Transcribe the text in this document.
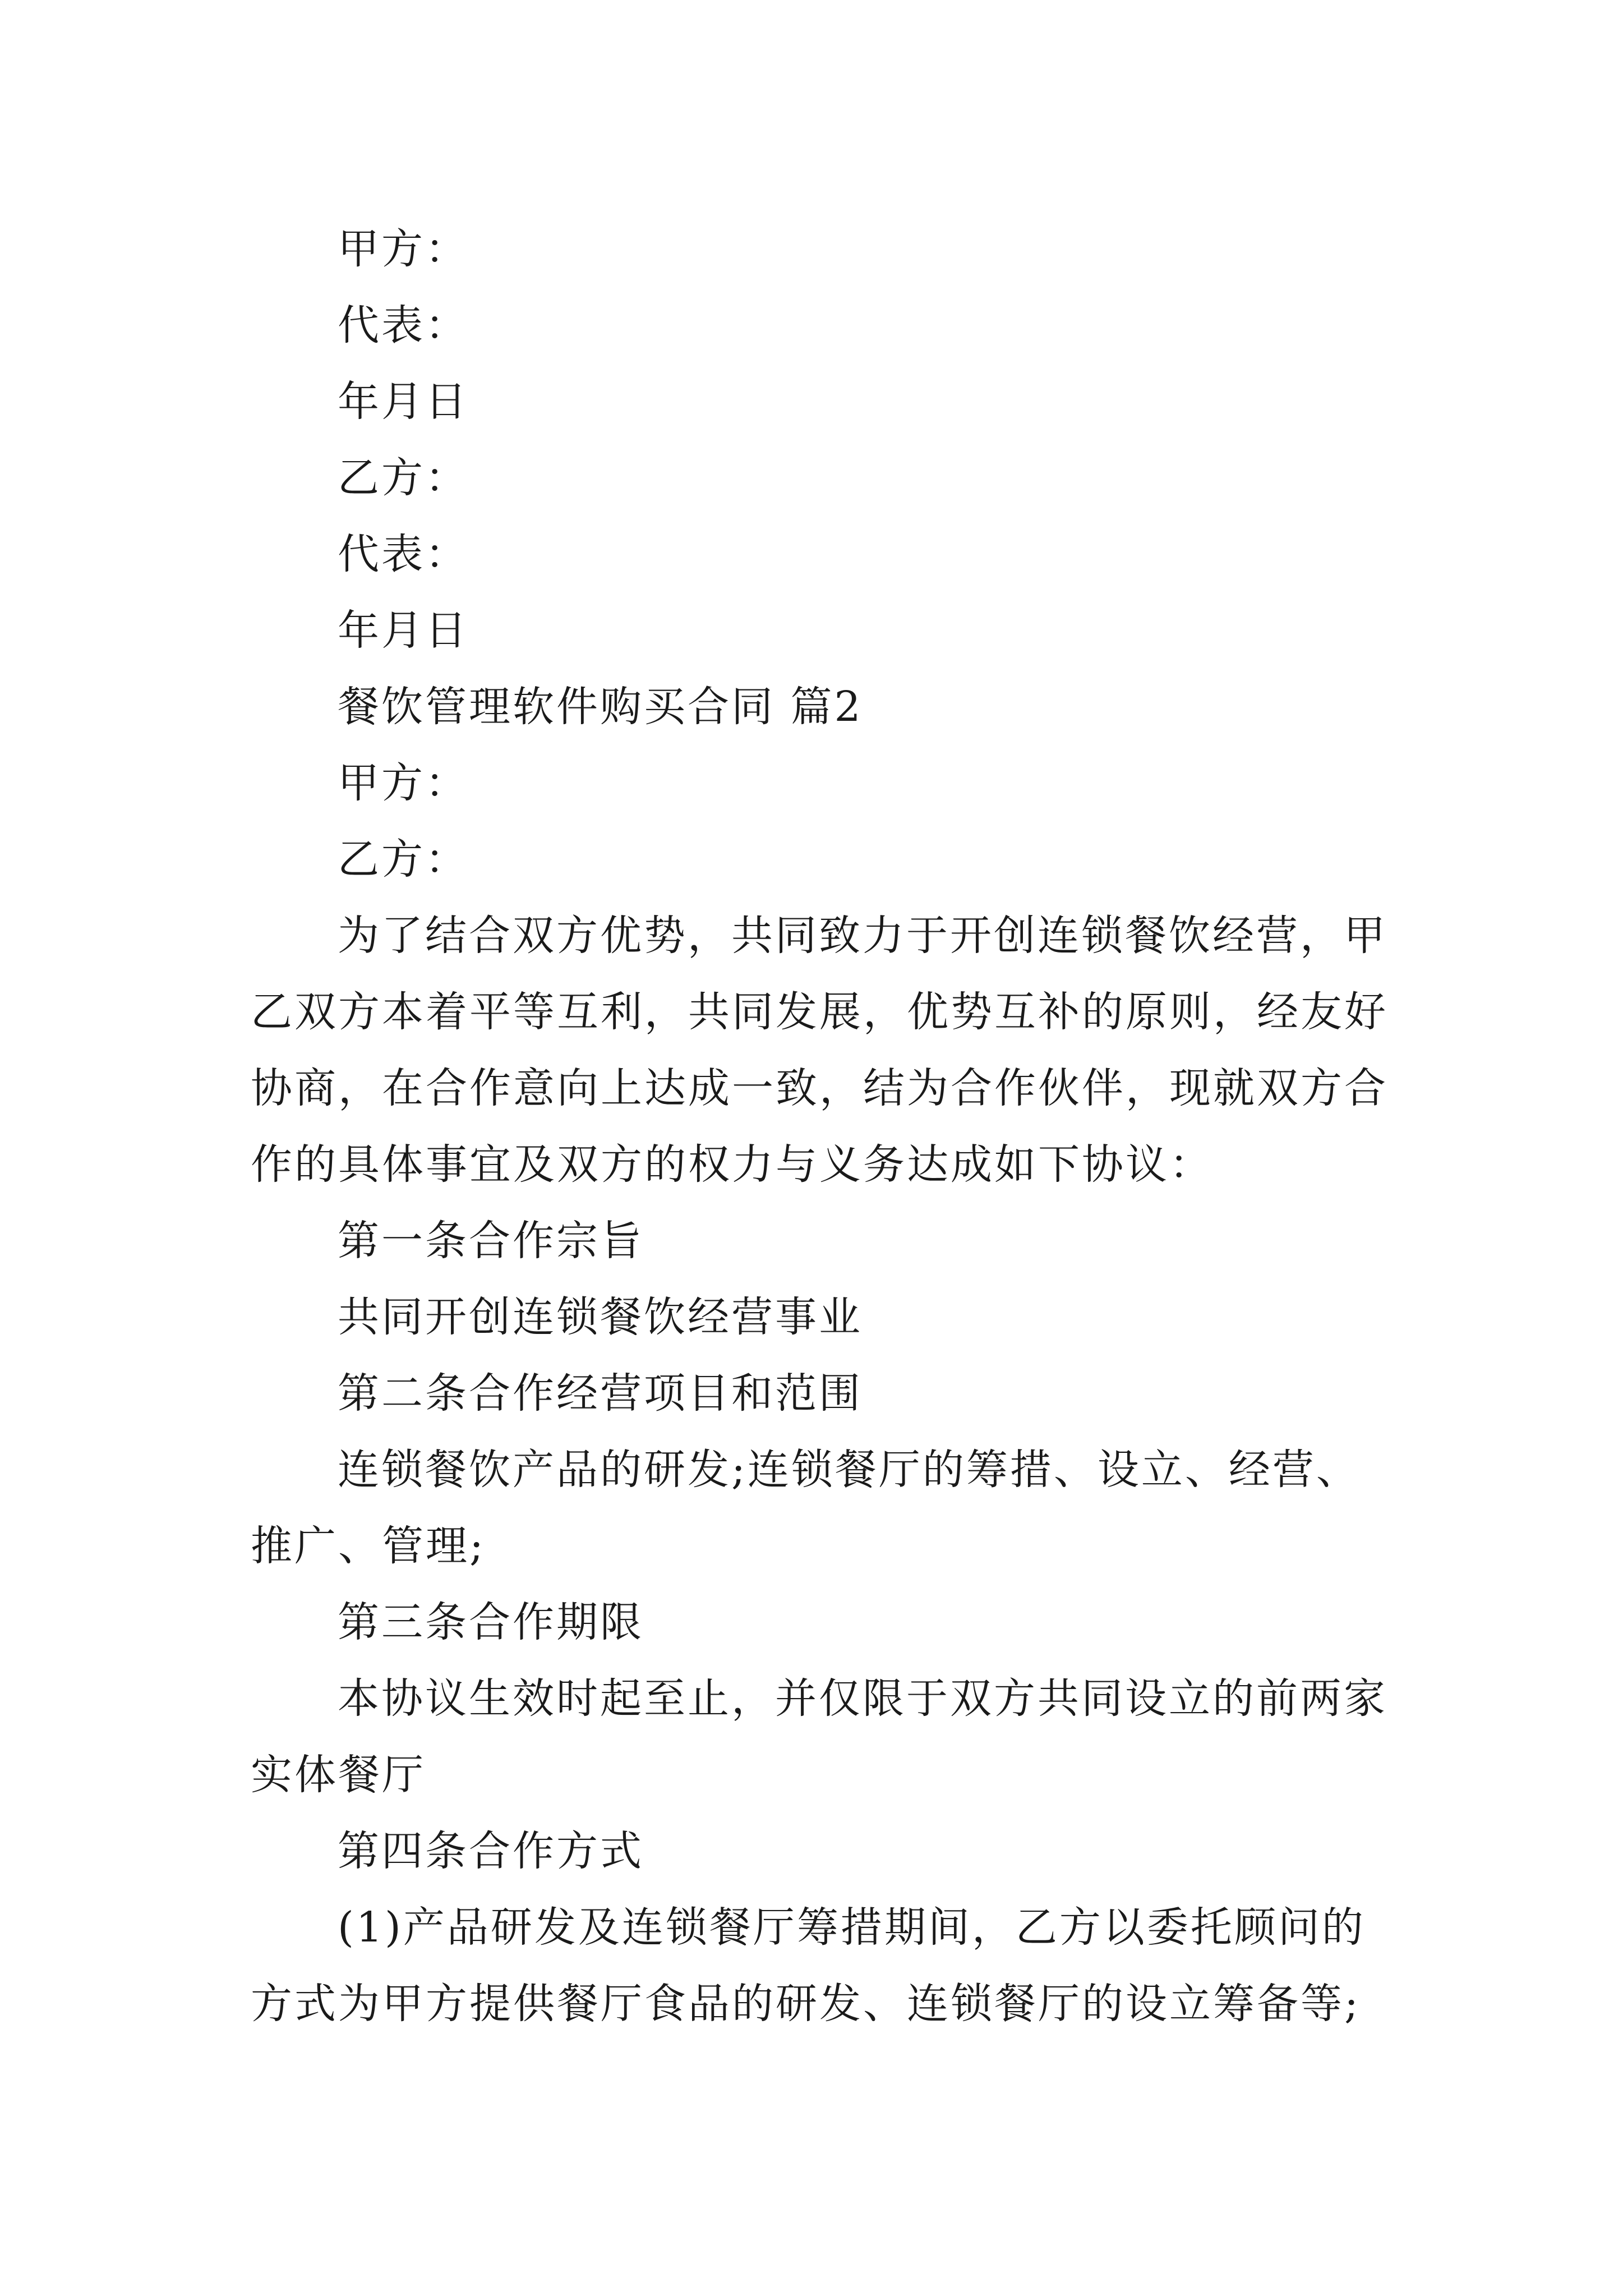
甲方：
代表：
年月日
乙方：
代表：
年月日
餐饮管理软件购买合同 篇2
甲方：
乙方：
为了结合双方优势，共同致力于开创连锁餐饮经营，甲
乙双方本着平等互利，共同发展，优势互补的原则，经友好
协商，在合作意向上达成一致，结为合作伙伴，现就双方合
作的具体事宜及双方的权力与义务达成如下协议：
第一条合作宗旨
共同开创连锁餐饮经营事业
第二条合作经营项目和范围
连锁餐饮产品的研发;连锁餐厅的筹措、设立、经营、
推广、管理;
第三条合作期限
本协议生效时起至止，并仅限于双方共同设立的前两家
实体餐厅
第四条合作方式
(1)产品研发及连锁餐厅筹措期间，乙方以委托顾问的
方式为甲方提供餐厅食品的研发、连锁餐厅的设立筹备等;
